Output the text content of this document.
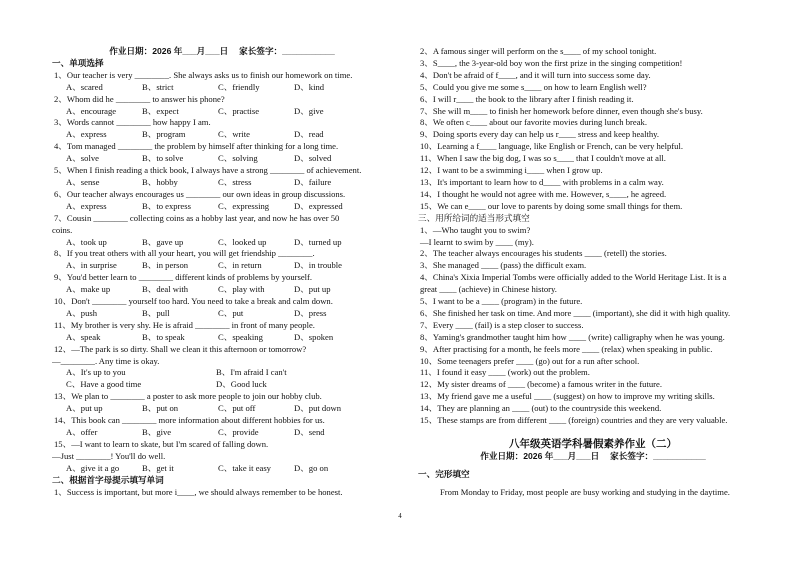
作业日期：2026 年___月___日　 家长签字：___________
一、单项选择
1、Our teacher is very ________. She always asks us to finish our homework on time.
A、scared	B、strict	C、friendly	D、kind
2、Whom did he ________ to answer his phone?
A、encourage	B、expect	C、practise	D、give
3、Words cannot ________ how happy I am.
A、express	B、program	C、write	D、read
4、Tom managed ________ the problem by himself after thinking for a long time.
A、solve	B、to solve	C、solving	D、solved
5、When I finish reading a thick book, I always have a strong ________ of achievement.
A、sense	B、hobby	C、stress	D、failure
6、Our teacher always encourages us ________ our own ideas in group discussions.
A、express	B、to express	C、expressing	D、expressed
7、Cousin ________ collecting coins as a hobby last year, and now he has over 50
coins.
A、took up	B、gave up	C、looked up	D、turned up
8、If you treat others with all your heart, you will get friendship ________.
A、in surprise	B、in person	C、in return	D、in trouble
9、You'd better learn to ________ different kinds of problems by yourself.
A、make up	B、deal with	C、play with	D、put up
10、Don't ________ yourself too hard. You need to take a break and calm down.
A、push	B、pull	C、put	D、press
11、My brother is very shy. He is afraid ________ in front of many people.
A、speak	B、to speak	C、speaking	D、spoken
12、—The park is so dirty. Shall we clean it this afternoon or tomorrow?
—________. Any time is okay.
A、It's up to you	B、I'm afraid I can't
C、Have a good time	D、Good luck
13、We plan to ________ a poster to ask more people to join our hobby club.
A、put up	B、put on	C、put off	D、put down
14、This book can ________ more information about different hobbies for us.
A、offer	B、give	C、provide	D、send
15、—I want to learn to skate, but I'm scared of falling down.
—Just ________! You'll do well.
A、give it a go	B、get it	C、take it easy	D、go on
二、根据首字母提示填写单词
1、Success is important, but more i____, we should always remember to be honest.
2、A famous singer will perform on the s____ of my school tonight.
3、S____, the 3-year-old boy won the first prize in the singing competition!
4、Don't be afraid of f____, and it will turn into success some day.
5、Could you give me some s____ on how to learn English well?
6、I will r____ the book to the library after I finish reading it.
7、She will m____ to finish her homework before dinner, even though she's busy.
8、We often c____ about our favorite movies during lunch break.
9、Doing sports every day can help us r____ stress and keep healthy.
10、Learning a f____ language, like English or French, can be very helpful.
11、When I saw the big dog, I was so s____ that I couldn't move at all.
12、I want to be a swimming i____ when I grow up.
13、It's important to learn how to d____ with problems in a calm way.
14、I thought he would not agree with me. However, s____, he agreed.
15、We can e____ our love to parents by doing some small things for them.
三、用所给词的适当形式填空
1、—Who taught you to swim?
—I learnt to swim by ____ (my).
2、The teacher always encourages his students ____ (retell) the stories.
3、She managed ____ (pass) the difficult exam.
4、China's Xixia Imperial Tombs were officially added to the World Heritage List. It is a
great ____ (achieve) in Chinese history.
5、I want to be a ____ (program) in the future.
6、She finished her task on time. And more ____ (important), she did it with high quality.
7、Every ____ (fail) is a step closer to success.
8、Yaming's grandmother taught him how ____ (write) calligraphy when he was young.
9、After practising for a month, he feels more ____ (relax) when speaking in public.
10、Some teenagers prefer ____ (go) out for a run after school.
11、I found it easy ____ (work) out the problem.
12、My sister dreams of ____ (become) a famous writer in the future.
13、My friend gave me a useful ____ (suggest) on how to improve my writing skills.
14、They are planning an ____ (out) to the countryside this weekend.
15、These stamps are from different ____ (foreign) countries and they are very valuable.
八年级英语学科暑假素养作业（二）
作业日期：2026 年___月___日　 家长签字：___________
一、完形填空
From Monday to Friday, most people are busy working and studying in the daytime.
4
